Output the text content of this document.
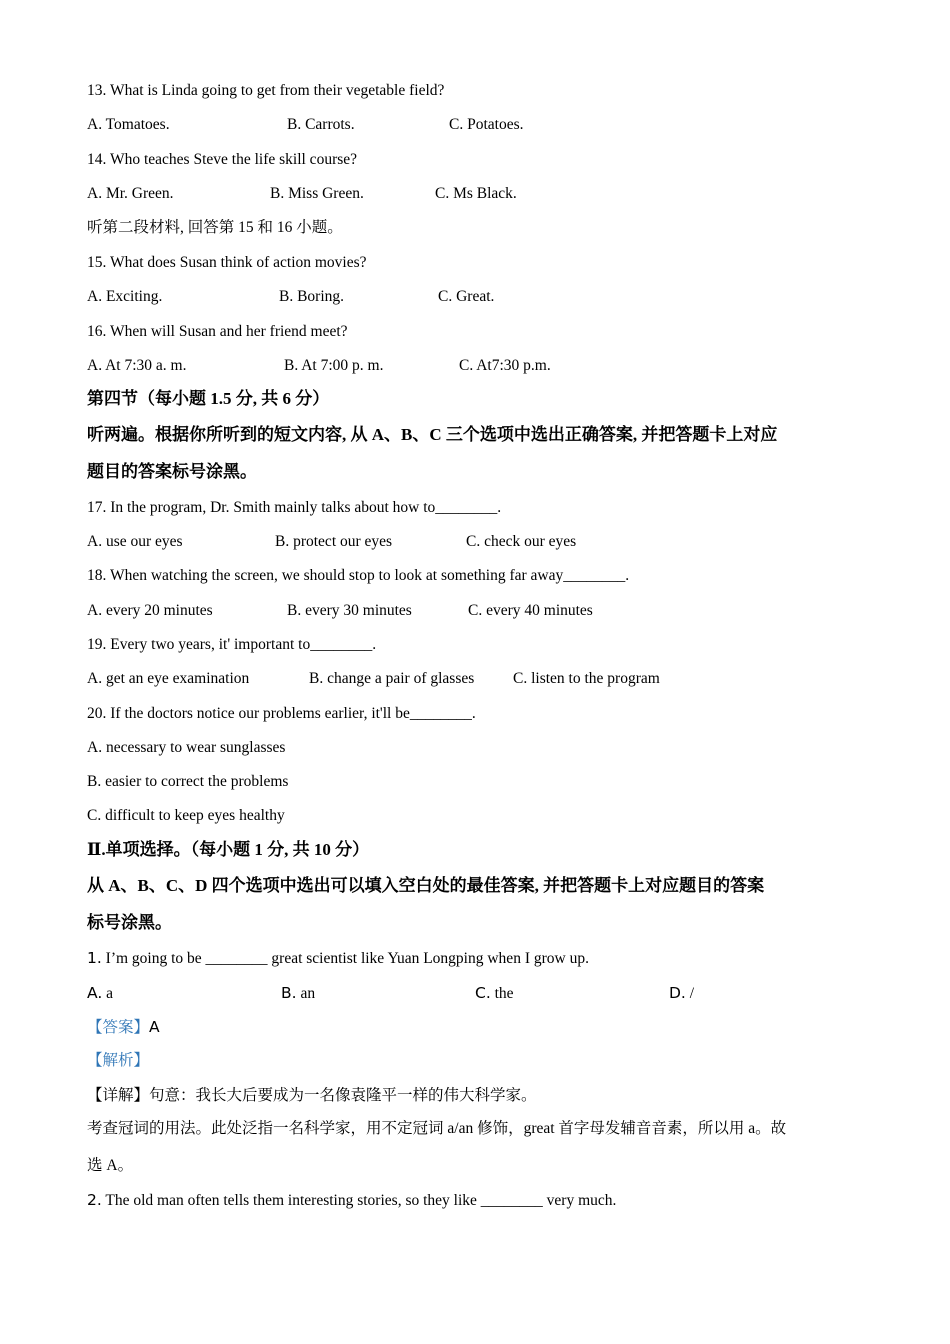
13. What is Linda going to get from their vegetable field?
A. Tomatoes.	B. Carrots.	C. Potatoes.
14. Who teaches Steve the life skill course?
A. Mr. Green.	B. Miss Green.	C. Ms Black.
听第二段材料, 回答第 15 和 16 小题。
15. What does Susan think of action movies?
A. Exciting.	B. Boring.	C. Great.
16. When will Susan and her friend meet?
A. At 7:30 a. m.	B. At 7:00 p. m.	C. At7:30 p.m.
第四节（每小题 1.5 分, 共 6 分）
听两遍。根据你所听到的短文内容, 从 A、B、C 三个选项中选出正确答案, 并把答题卡上对应
题目的答案标号涂黑。
17. In the program, Dr. Smith mainly talks about how to________.
A. use our eyes	B. protect our eyes	C. check our eyes
18. When watching the screen, we should stop to look at something far away________.
A. every 20 minutes	B. every 30 minutes	C. every 40 minutes
19. Every two years, it' important to________.
A. get an eye examination	B. change a pair of glasses C. listen to the program
20. If the doctors notice our problems earlier, it'll be________.
A. necessary to wear sunglasses
B. easier to correct the problems
C. difficult to keep eyes healthy
Ⅱ.单项选择。（每小题 1 分, 共 10 分）
从 A、B、C、D 四个选项中选出可以填入空白处的最佳答案, 并把答题卡上对应题目的答案
标号涂黑。
1. I’m going to be ________ great scientist like Yuan Longping when I grow up.
A. a	B. an	C. the	D. /
【答案】A
【解析】
【详解】句意：我长大后要成为一名像袁隆平一样的伟大科学家。
考查冠词的用法。此处泛指一名科学家，用不定冠词 a/an 修饰，great 首字母发辅音音素，所以用 a。故
选 A。
2. The old man often tells them interesting stories, so they like ________ very much.
